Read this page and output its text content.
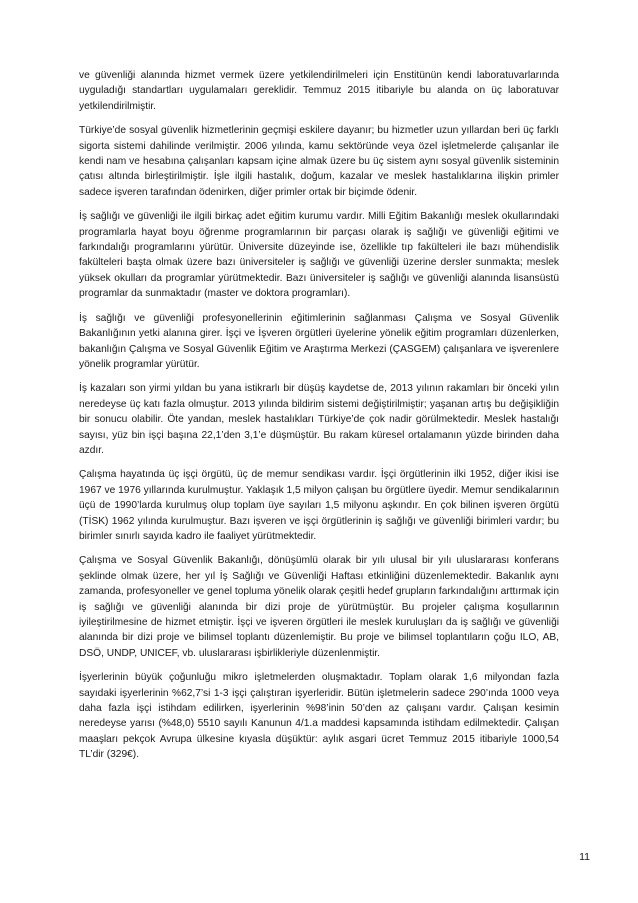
ve güvenliği alanında hizmet vermek üzere yetkilendirilmeleri için Enstitünün kendi laboratuvarlarında uyguladığı standartları uygulamaları gereklidir. Temmuz 2015 itibariyle bu alanda on üç laboratuvar yetkilendirilmiştir.

Türkiye’de sosyal güvenlik hizmetlerinin geçmişi eskilere dayanır; bu hizmetler uzun yıllardan beri üç farklı sigorta sistemi dahilinde verilmiştir. 2006 yılında, kamu sektöründe veya özel işletmelerde çalışanlar ile kendi nam ve hesabına çalışanları kapsam içine almak üzere bu üç sistem aynı sosyal güvenlik sisteminin çatısı altında birleştirilmiştir. İşle ilgili hastalık, doğum, kazalar ve meslek hastalıklarına ilişkin primler sadece işveren tarafından ödenirken, diğer primler ortak bir biçimde ödenir.

İş sağlığı ve güvenliği ile ilgili birkaç adet eğitim kurumu vardır. Milli Eğitim Bakanlığı meslek okullarındaki programlarla hayat boyu öğrenme programlarının bir parçası olarak iş sağlığı ve güvenliği eğitimi ve farkındalığı programlarını yürütür. Üniversite düzeyinde ise, özellikle tıp fakülteleri ile bazı mühendislik fakülteleri başta olmak üzere bazı üniversiteler iş sağlığı ve güvenliği üzerine dersler sunmakta; meslek yüksek okulları da programlar yürütmektedir. Bazı üniversiteler iş sağlığı ve güvenliği alanında lisansüstü programlar da sunmaktadır (master ve doktora programları).

İş sağlığı ve güvenliği profesyonellerinin eğitimlerinin sağlanması Çalışma ve Sosyal Güvenlik Bakanlığının yetki alanına girer. İşçi ve İşveren örgütleri üyelerine yönelik eğitim programları düzenlerken, bakanlığın Çalışma ve Sosyal Güvenlik Eğitim ve Araştırma Merkezi (ÇASGEM) çalışanlara ve işverenlere yönelik programlar yürütür.

İş kazaları son yirmi yıldan bu yana istikrarlı bir düşüş kaydetse de, 2013 yılının rakamları bir önceki yılın neredeyse üç katı fazla olmuştur. 2013 yılında bildirim sistemi değiştirilmiştir; yaşanan artış bu değişikliğin bir sonucu olabilir. Öte yandan, meslek hastalıkları Türkiye’de çok nadir görülmektedir. Meslek hastalığı sayısı, yüz bin işçi başına 22,1’den 3,1’e düşmüştür. Bu rakam küresel ortalamanın yüzde birinden daha azdır.

Çalışma hayatında üç işçi örgütü, üç de memur sendikası vardır. İşçi örgütlerinin ilki 1952, diğer ikisi ise 1967 ve 1976 yıllarında kurulmuştur. Yaklaşık 1,5 milyon çalışan bu örgütlere üyedir. Memur sendikalarının üçü de 1990’larda kurulmuş olup toplam üye sayıları 1,5 milyonu aşkındır. En çok bilinen işveren örgütü (TİSK) 1962 yılında kurulmuştur. Bazı işveren ve işçi örgütlerinin iş sağlığı ve güvenliği birimleri vardır; bu birimler sınırlı sayıda kadro ile faaliyet yürütmektedir.

Çalışma ve Sosyal Güvenlik Bakanlığı, dönüşümlü olarak bir yılı ulusal bir yılı uluslararası konferans şeklinde olmak üzere, her yıl İş Sağlığı ve Güvenliği Haftası etkinliğini düzenlemektedir. Bakanlık aynı zamanda, profesyoneller ve genel topluma yönelik olarak çeşitli hedef grupların farkındalığını arttırmak için iş sağlığı ve güvenliği alanında bir dizi proje de yürütmüştür. Bu projeler çalışma koşullarının iyileştirilmesine de hizmet etmiştir. İşçi ve işveren örgütleri ile meslek kuruluşları da iş sağlığı ve güvenliği alanında bir dizi proje ve bilimsel toplantı düzenlemiştir. Bu proje ve bilimsel toplantıların çoğu ILO, AB, DSÖ, UNDP, UNICEF, vb. uluslararası işbirlikleriyle düzenlenmiştir.

İşyerlerinin büyük çoğunluğu mikro işletmelerden oluşmaktadır. Toplam olarak 1,6 milyondan fazla sayıdaki işyerlerinin %62,7’si 1-3 işçi çalıştıran işyerleridir. Bütün işletmelerin sadece 290’ında 1000 veya daha fazla işçi istihdam edilirken, işyerlerinin %98’inin 50’den az çalışanı vardır. Çalışan kesimin neredeyse yarısı (%48,0) 5510 sayılı Kanunun 4/1.a maddesi kapsamında istihdam edilmektedir. Çalışan maaşları pekçok Avrupa ülkesine kıyasla düşüktür: aylık asgari ücret Temmuz 2015 itibariyle 1000,54 TL’dir (329€).

11
